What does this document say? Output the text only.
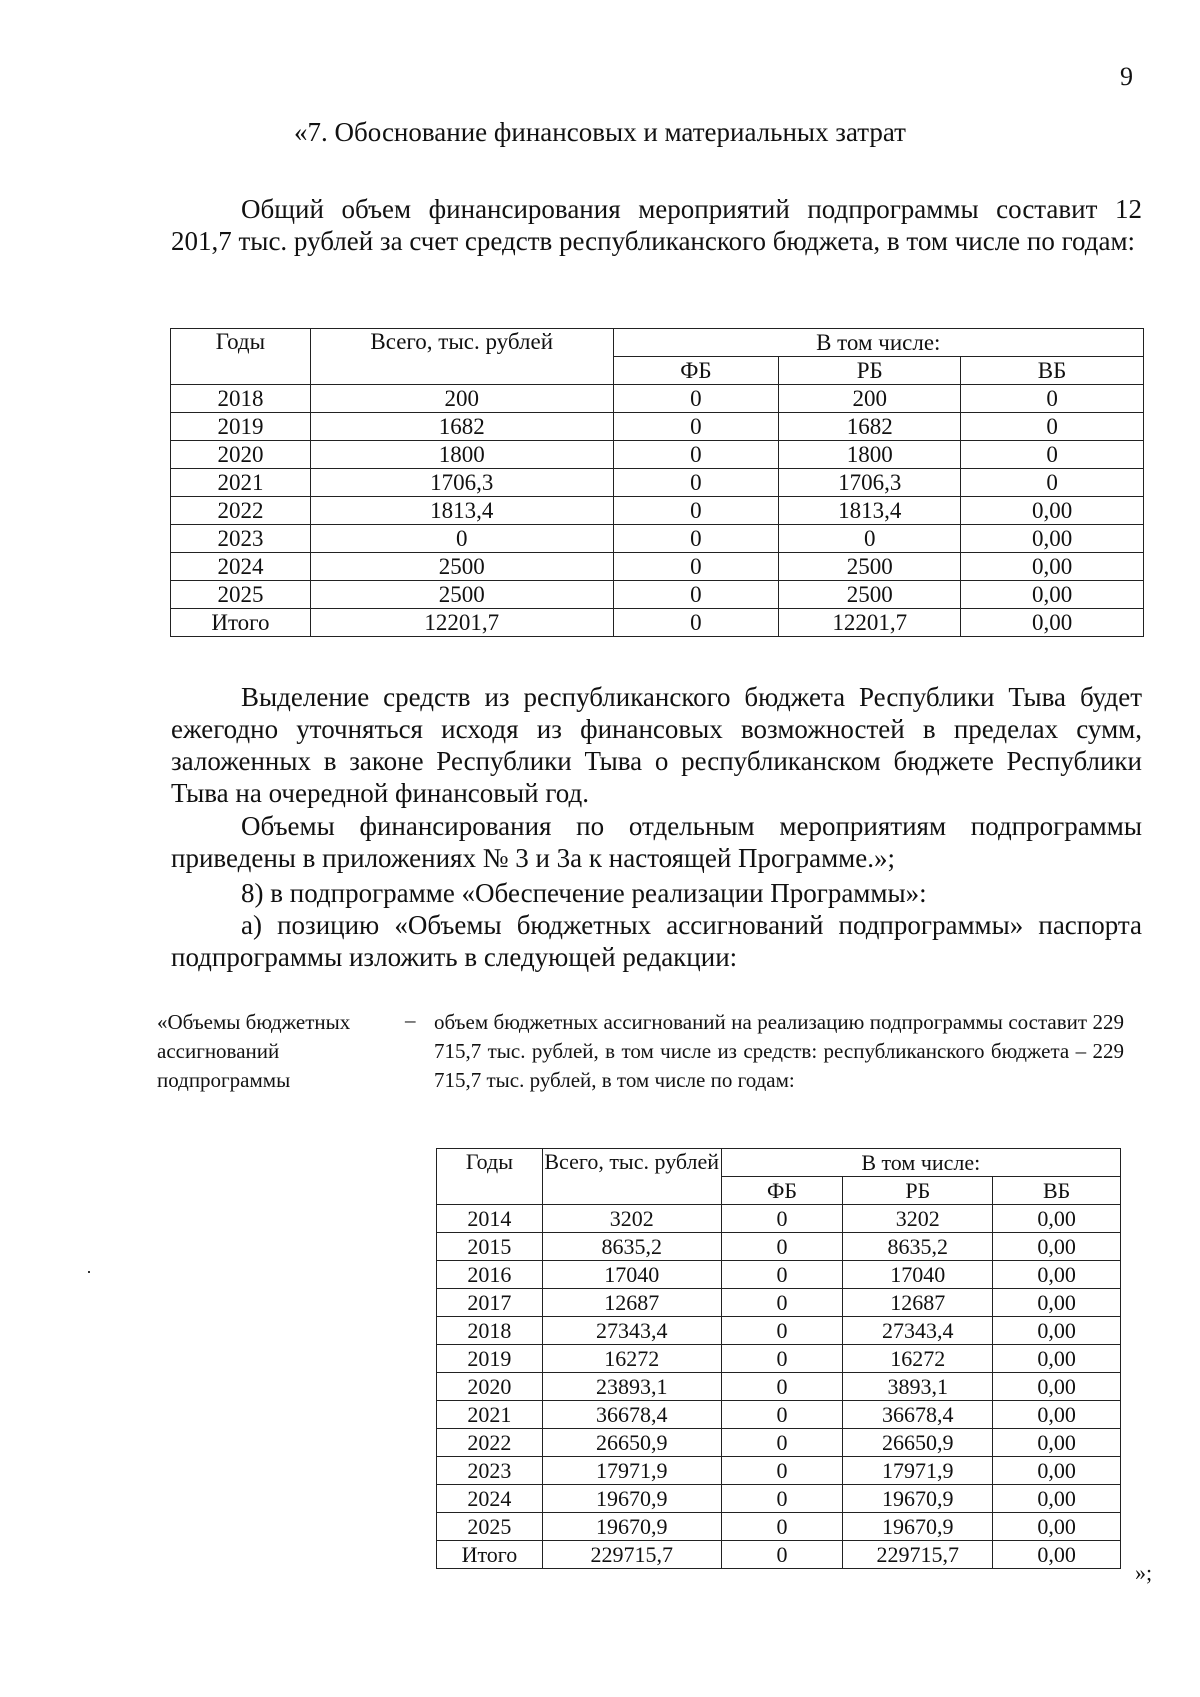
9
«7. Обоснование финансовых и материальных затрат
Общий объем финансирования мероприятий подпрограммы составит 12 201,7 тыс. рублей за счет средств республиканского бюджета, в том числе по годам:
Годы	Всего, тыс. рублей	В том числе:		
		ФБ	РБ	ВБ
2018	200	0	200	0
2019	1682	0	1682	0
2020	1800	0	1800	0
2021	1706,3	0	1706,3	0
2022	1813,4	0	1813,4	0,00
2023	0	0	0	0,00
2024	2500	0	2500	0,00
2025	2500	0	2500	0,00
Итого	12201,7	0	12201,7	0,00
Выделение средств из республиканского бюджета Республики Тыва будет ежегодно уточняться исходя из финансовых возможностей в пределах сумм, заложенных в законе Республики Тыва о республиканском бюджете Республики Тыва на очередной финансовый год.
Объемы финансирования по отдельным мероприятиям подпрограммы приведены в приложениях № 3 и 3а к настоящей Программе.»;
8) в подпрограмме «Обеспечение реализации Программы»:
а) позицию «Объемы бюджетных ассигнований подпрограммы» паспорта подпрограммы изложить в следующей редакции:
«Объемы бюджетных ассигнований подпрограммы
– объем бюджетных ассигнований на реализацию подпрограммы составит 229 715,7 тыс. рублей, в том числе из средств: республиканского бюджета – 229 715,7 тыс. рублей, в том числе по годам:
Годы	Всего, тыс. рублей	В том числе:		
		ФБ	РБ	ВБ
2014	3202	0	3202	0,00
2015	8635,2	0	8635,2	0,00
2016	17040	0	17040	0,00
2017	12687	0	12687	0,00
2018	27343,4	0	27343,4	0,00
2019	16272	0	16272	0,00
2020	23893,1	0	3893,1	0,00
2021	36678,4	0	36678,4	0,00
2022	26650,9	0	26650,9	0,00
2023	17971,9	0	17971,9	0,00
2024	19670,9	0	19670,9	0,00
2025	19670,9	0	19670,9	0,00
Итого	229715,7	0	229715,7	0,00
»;
